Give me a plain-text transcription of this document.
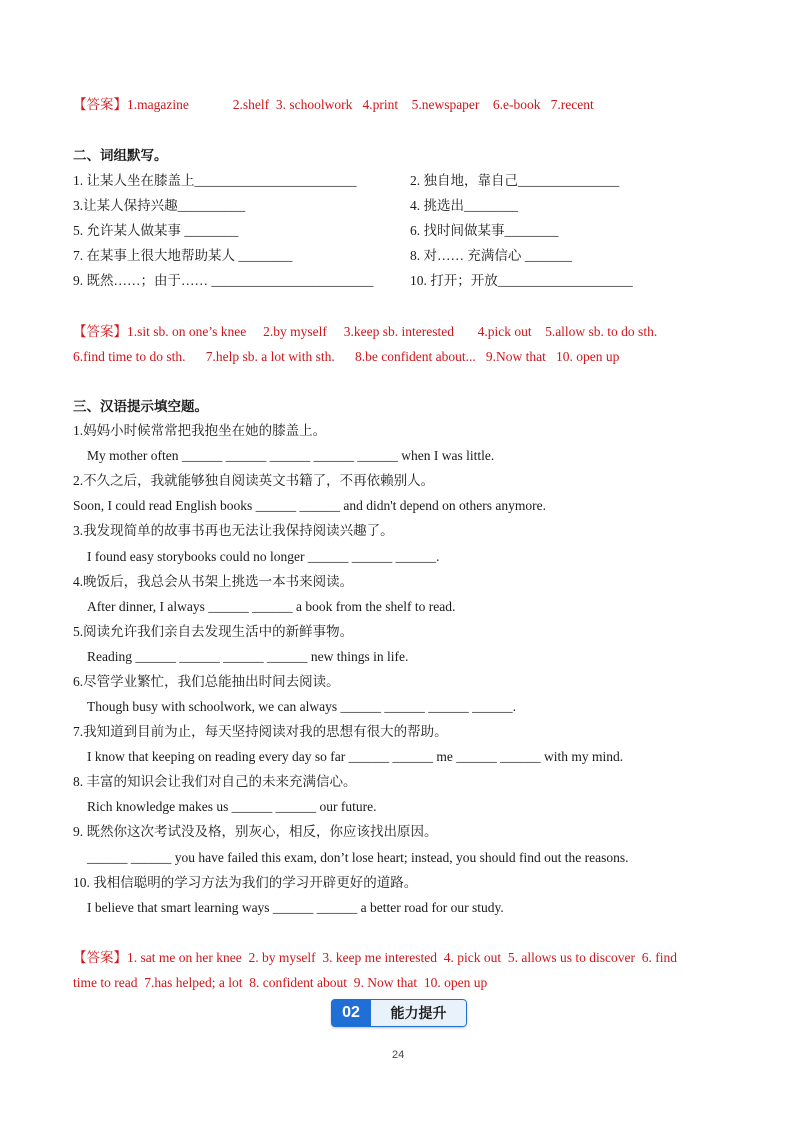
【答案】1.magazine             2.shelf  3. schoolwork   4.print    5.newspaper    6.e-book   7.recent
二、词组默写。
1. 让某人坐在膝盖上________________________	2. 独自地，靠自己_______________
3.让某人保持兴趣__________	4. 挑选出________
5. 允许某人做某事 ________	6. 找时间做某事________
7. 在某事上很大地帮助某人 ________	8. 对…… 充满信心 _______
9. 既然……；由于…… ________________________	10. 打开；开放____________________
【答案】1.sit sb. on one’s knee     2.by myself     3.keep sb. interested       4.pick out    5.allow sb. to do sth.
6.find time to do sth.      7.help sb. a lot with sth.      8.be confident about...   9.Now that   10. open up
三、汉语提示填空题。
1.妈妈小时候常常把我抱坐在她的膝盖上。
My mother often ______ ______ ______ ______ ______ when I was little.
2.不久之后，我就能够独自阅读英文书籍了，不再依赖别人。
Soon, I could read English books ______ ______ and didn't depend on others anymore.
3.我发现简单的故事书再也无法让我保持阅读兴趣了。
I found easy storybooks could no longer ______ ______ ______.
4.晚饭后，我总会从书架上挑选一本书来阅读。
After dinner, I always ______ ______ a book from the shelf to read.
5.阅读允许我们亲自去发现生活中的新鲜事物。
Reading ______ ______ ______ ______ new things in life.
6.尽管学业繁忙，我们总能抽出时间去阅读。
Though busy with schoolwork, we can always ______ ______ ______ ______.
7.我知道到目前为止，每天坚持阅读对我的思想有很大的帮助。
I know that keeping on reading every day so far ______ ______ me ______ ______ with my mind.
8. 丰富的知识会让我们对自己的未来充满信心。
Rich knowledge makes us ______ ______ our future.
9. 既然你这次考试没及格，别灰心，相反，你应该找出原因。
______ ______ you have failed this exam, don’t lose heart; instead, you should find out the reasons.
10. 我相信聪明的学习方法为我们的学习开辟更好的道路。
I believe that smart learning ways ______ ______ a better road for our study.
【答案】1. sat me on her knee  2. by myself  3. keep me interested  4. pick out  5. allows us to discover  6. find
time to read  7.has helped; a lot  8. confident about  9. Now that  10. open up
02	能力提升
24
